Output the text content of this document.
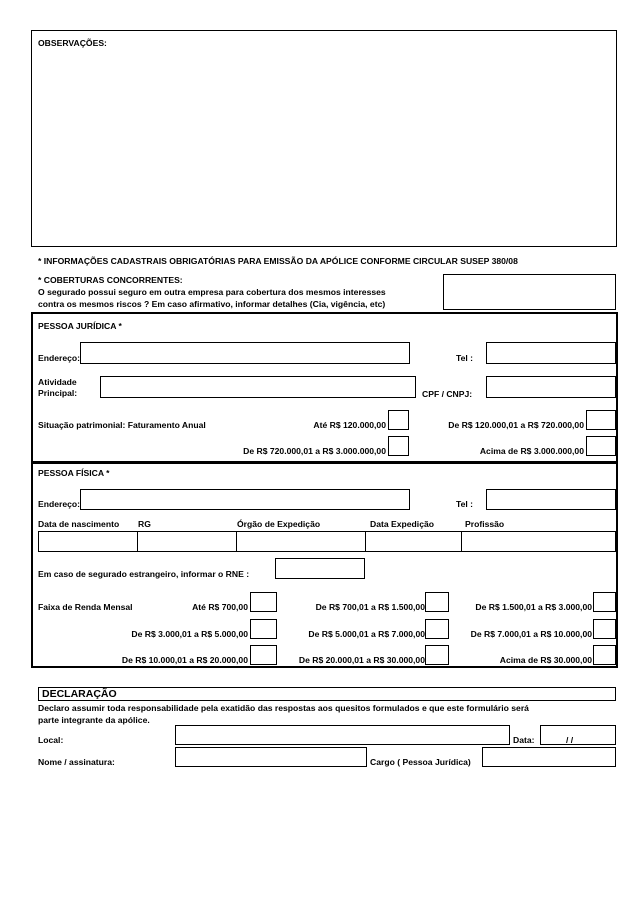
OBSERVAÇÕES:
* INFORMAÇÕES CADASTRAIS OBRIGATÓRIAS PARA EMISSÃO DA APÓLICE CONFORME CIRCULAR SUSEP 380/08
* COBERTURAS CONCORRENTES:
O segurado possui seguro em outra empresa para cobertura dos mesmos interesses
contra os mesmos riscos ? Em caso afirmativo, informar detalhes (Cia, vigência, etc)
PESSOA JURÍDICA *
Endereço:	Tel :
Atividade
Principal:	CPF / CNPJ:
Situação patrimonial: Faturamento Anual	Até R$ 120.000,00	De R$ 120.000,01 a R$ 720.000,00
De R$ 720.000,01 a R$ 3.000.000,00	Acima de R$ 3.000.000,00
PESSOA FÍSICA *
Endereço:	Tel :
Data de nascimento RG	Órgão de Expedição	Data Expedição	Profissão
Em caso de segurado estrangeiro, informar o RNE :
Faixa de Renda Mensal	Até R$ 700,00	De R$ 700,01 a R$ 1.500,00	De R$ 1.500,01 a R$ 3.000,00
De R$ 3.000,01 a R$ 5.000,00	De R$ 5.000,01 a R$ 7.000,00	De R$ 7.000,01 a R$ 10.000,00
De R$ 10.000,01 a R$ 20.000,00	De R$ 20.000,01 a R$ 30.000,00	Acima de R$ 30.000,00
DECLARAÇÃO
Declaro assumir toda responsabilidade pela exatidão das respostas aos quesitos formulados e que este formulário será
parte integrante da apólice.
Local:	Data:	/ /
Nome / assinatura:	Cargo ( Pessoa Jurídica)
